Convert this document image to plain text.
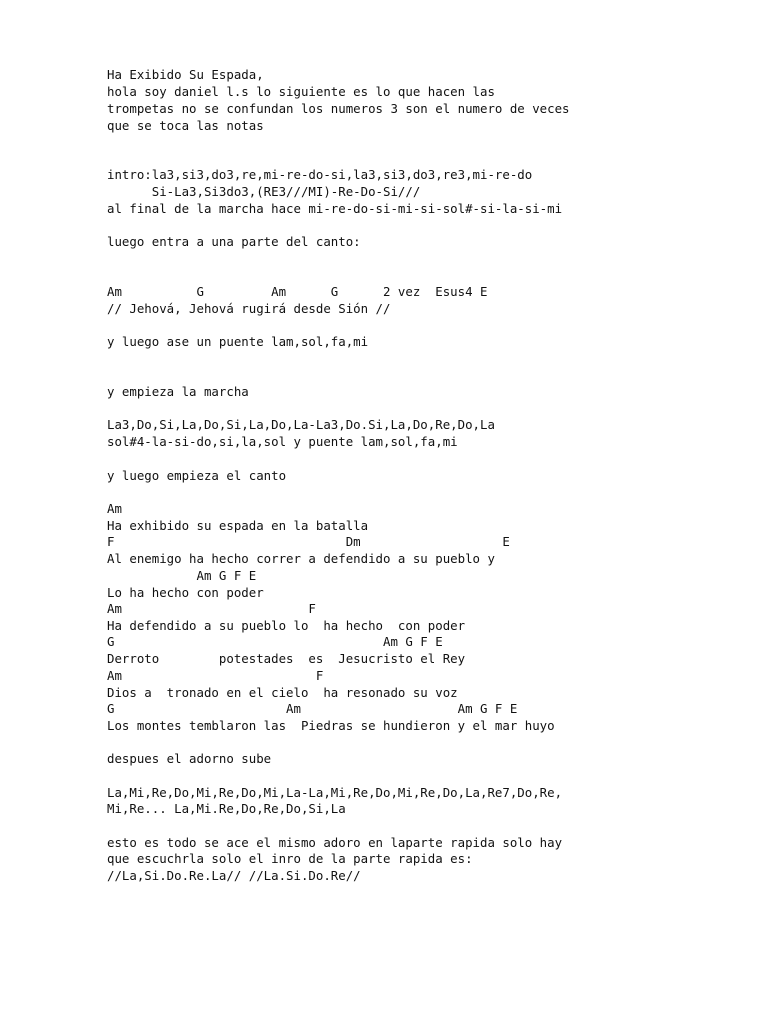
Ha Exibido Su Espada,
hola soy daniel l.s lo siguiente es lo que hacen las
trompetas no se confundan los numeros 3 son el numero de veces
que se toca las notas
intro:la3,si3,do3,re,mi-re-do-si,la3,si3,do3,re3,mi-re-do
Si-La3,Si3do3,(RE3///MI)-Re-Do-Si///
al final de la marcha hace mi-re-do-si-mi-si-sol#-si-la-si-mi
luego entra a una parte del canto:
Am          G         Am      G      2 vez  Esus4 E
// Jehová, Jehová rugirá desde Sión //
y luego ase un puente lam,sol,fa,mi
y empieza la marcha
La3,Do,Si,La,Do,Si,La,Do,La-La3,Do.Si,La,Do,Re,Do,La
sol#4-la-si-do,si,la,sol y puente lam,sol,fa,mi
y luego empieza el canto
Am
Ha exhibido su espada en la batalla
F                               Dm                   E
Al enemigo ha hecho correr a defendido a su pueblo y
Am G F E
Lo ha hecho con poder
Am                         F
Ha defendido a su pueblo lo  ha hecho  con poder
G                                    Am G F E
Derroto        potestades  es  Jesucristo el Rey
Am                          F
Dios a  tronado en el cielo  ha resonado su voz
G                       Am                     Am G F E
Los montes temblaron las  Piedras se hundieron y el mar huyo
despues el adorno sube
La,Mi,Re,Do,Mi,Re,Do,Mi,La-La,Mi,Re,Do,Mi,Re,Do,La,Re7,Do,Re,
Mi,Re... La,Mi.Re,Do,Re,Do,Si,La
esto es todo se ace el mismo adoro en laparte rapida solo hay
que escuchrla solo el inro de la parte rapida es:
//La,Si.Do.Re.La// //La.Si.Do.Re//
